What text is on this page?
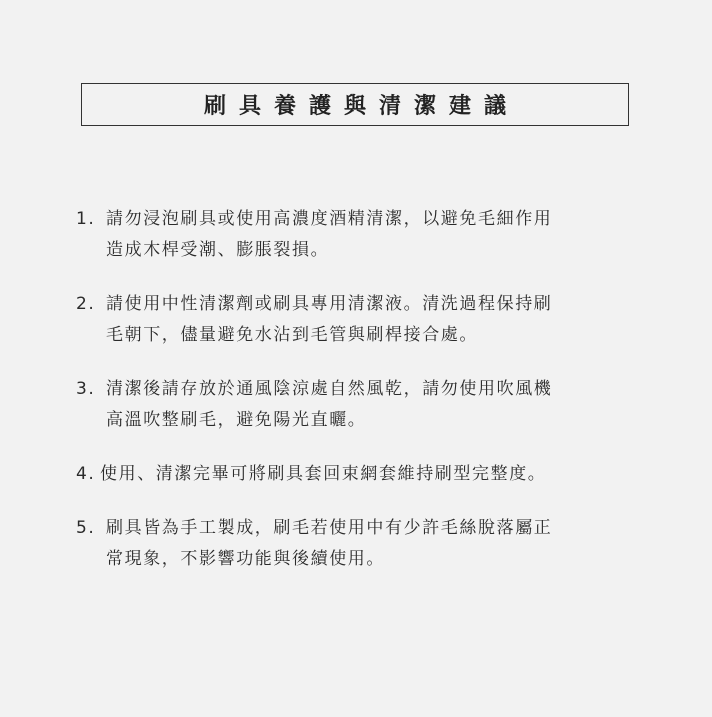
刷具養護與清潔建議
1. 請勿浸泡刷具或使用高濃度酒精清潔，以避免毛細作用
造成木桿受潮、膨脹裂損。
2. 請使用中性清潔劑或刷具專用清潔液。清洗過程保持刷
毛朝下，儘量避免水沾到毛管與刷桿接合處。
3. 清潔後請存放於通風陰涼處自然風乾，請勿使用吹風機
高溫吹整刷毛，避免陽光直曬。
4. 使用、清潔完畢可將刷具套回束網套維持刷型完整度。
5. 刷具皆為手工製成，刷毛若使用中有少許毛絲脫落屬正
常現象，不影響功能與後續使用。
